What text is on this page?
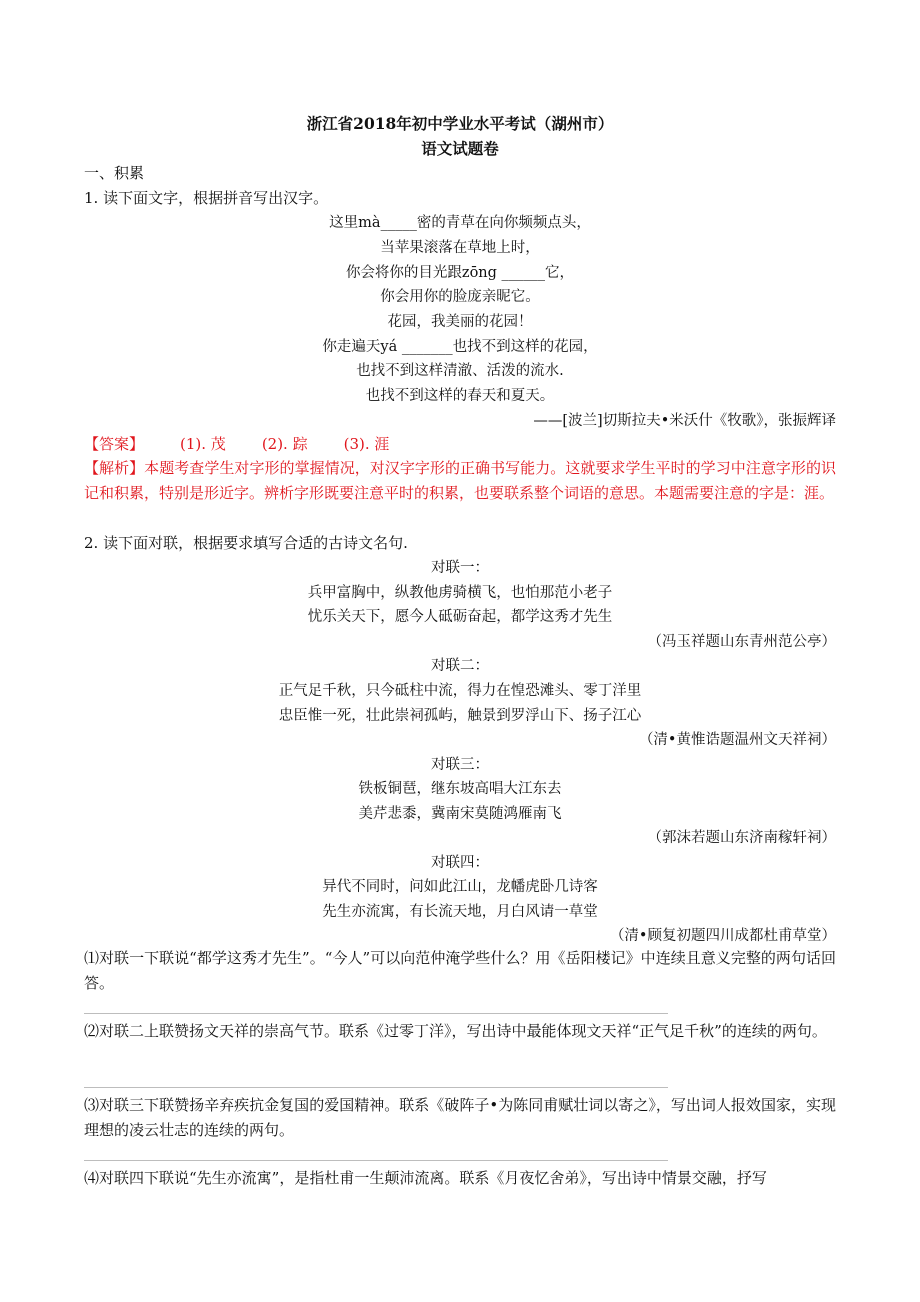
浙江省2018年初中学业水平考试（湖州市）
语文试题卷
一、积累
1. 读下面文字，根据拼音写出汉字。
这里mà_____密的青草在向你频频点头，
当苹果滚落在草地上时，
你会将你的目光跟zōng ______它，
你会用你的脸庞亲昵它。
花园，我美丽的花园！
你走遍天yá _______也找不到这样的花园，
也找不到这样清澈、活泼的流水.
也找不到这样的春天和夏天。
——[波兰]切斯拉夫•米沃什《牧歌》，张振辉译
【答案】 (1). 茂 (2). 踪 (3). 涯
【解析】本题考查学生对字形的掌握情况，对汉字字形的正确书写能力。这就要求学生平时的学习中注意字形的识记和积累，特别是形近字。辨析字形既要注意平时的积累，也要联系整个词语的意思。本题需要注意的字是：涯。
2. 读下面对联，根据要求填写合适的古诗文名句.
对联一：
兵甲富胸中，纵教他虏骑横飞，也怕那范小老子
忧乐关天下，愿今人砥砺奋起，都学这秀才先生
（冯玉祥题山东青州范公亭）
对联二：
正气足千秋，只今砥柱中流，得力在惶恐滩头、零丁洋里
忠臣惟一死，壮此崇祠孤屿，触景到罗浮山下、扬子江心
（清•黄惟诰题温州文天祥祠）
对联三：
铁板铜琶，继东坡高唱大江东去
美芹悲黍，冀南宋莫随鸿雁南飞
（郭沫若题山东济南稼轩祠）
对联四：
异代不同时，问如此江山，龙幡虎卧几诗客
先生亦流寓，有长流天地，月白风请一草堂
（清•顾复初题四川成都杜甫草堂）
⑴对联一下联说“都学这秀才先生”。“今人”可以向范仲淹学些什么？用《岳阳楼记》中连续且意义完整的两句话回答。
⑵对联二上联赞扬文天祥的崇高气节。联系《过零丁洋》，写出诗中最能体现文天祥“正气足千秋”的连续的两句。
⑶对联三下联赞扬辛弃疾抗金复国的爱国精神。联系《破阵子•为陈同甫赋壮词以寄之》，写出词人报效国家，实现理想的凌云壮志的连续的两句。
⑷对联四下联说“先生亦流寓”，是指杜甫一生颠沛流离。联系《月夜忆舍弟》，写出诗中情景交融，抒写
